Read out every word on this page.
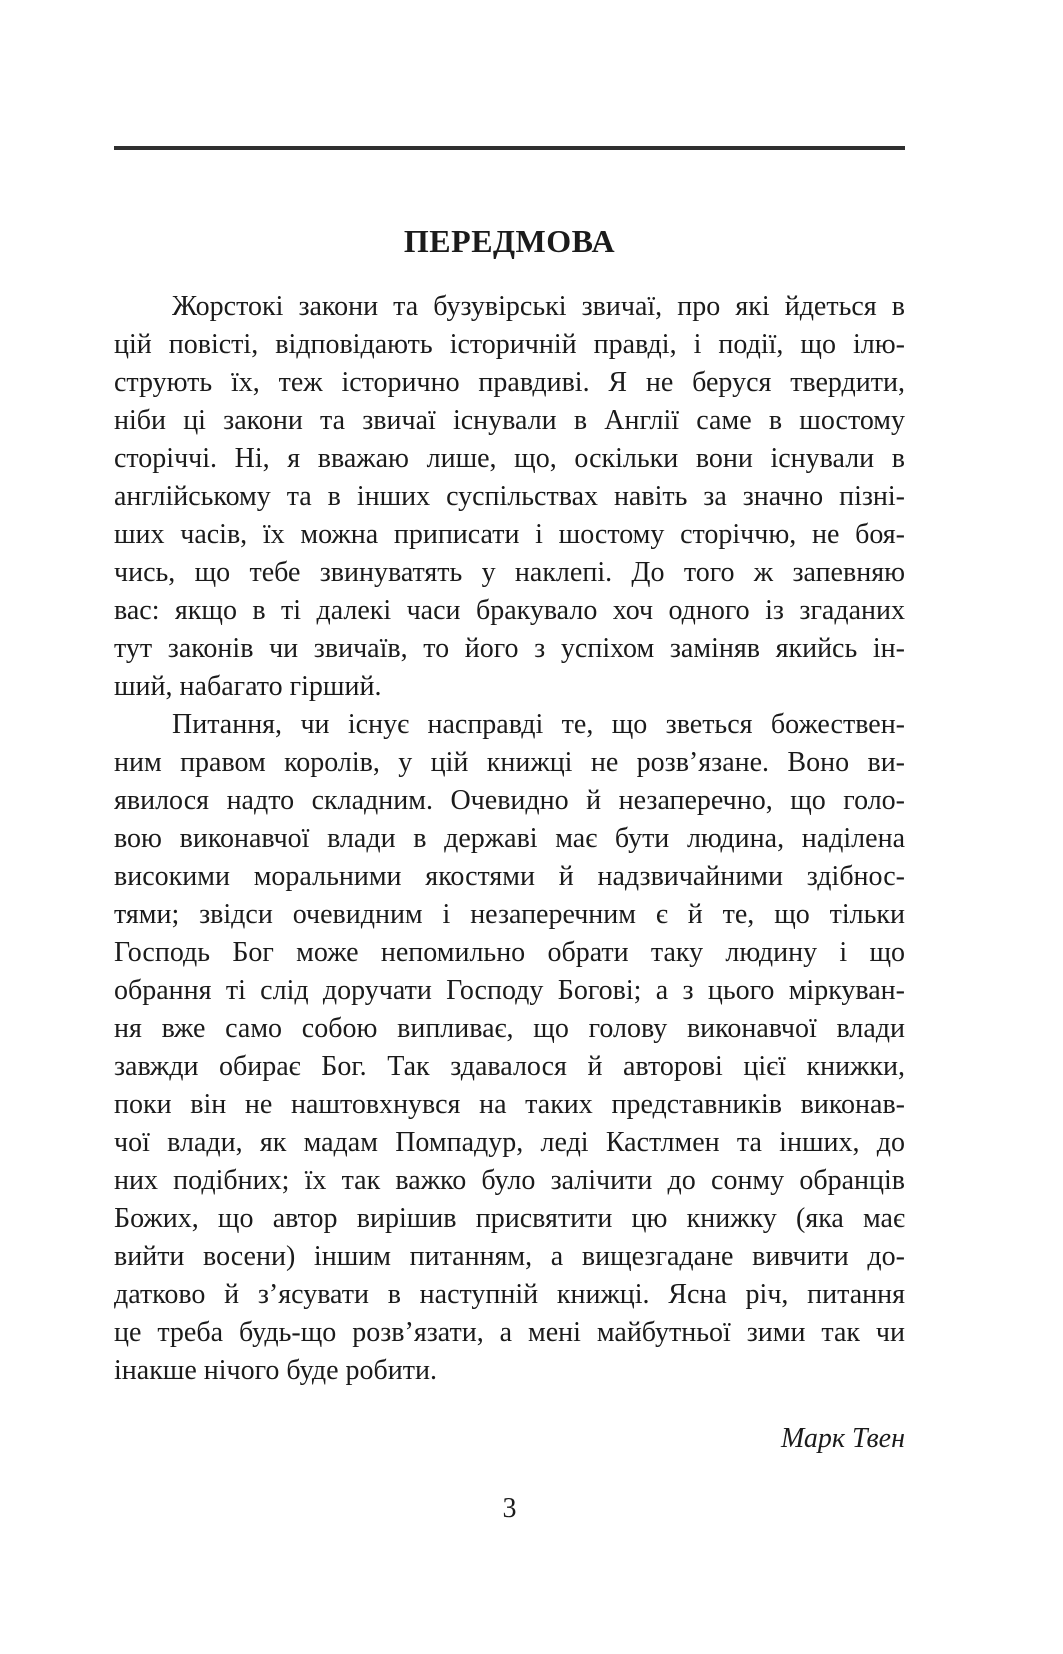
ПЕРЕДМОВА
Жорстокі закони та бузувірські звичаї, про які йдеться в
цій повісті, відповідають історичній правді, і події, що ілю-
струють їх, теж історично правдиві. Я не беруся твердити,
ніби ці закони та звичаї існували в Англії саме в шостому
сторіччі. Ні, я вважаю лише, що, оскільки вони існували в
англійському та в інших суспільствах навіть за значно пізні-
ших часів, їх можна приписати і шостому сторіччю, не боя-
чись, що тебе звинуватять у наклепі. До того ж запевняю
вас: якщо в ті далекі часи бракувало хоч одного із згаданих
тут законів чи звичаїв, то його з успіхом заміняв якийсь ін-
ший, набагато гірший.
Питання, чи існує насправді те, що зветься божествен-
ним правом королів, у цій книжці не розв’язане. Воно ви-
явилося надто складним. Очевидно й незаперечно, що голо-
вою виконавчої влади в державі має бути людина, наділена
високими моральними якостями й надзвичайними здібнос-
тями; звідси очевидним і незаперечним є й те, що тільки
Господь Бог може непомильно обрати таку людину і що
обрання ті слід доручати Господу Богові; а з цього міркуван-
ня вже само собою випливає, що голову виконавчої влади
завжди обирає Бог. Так здавалося й авторові цієї книжки,
поки він не наштовхнувся на таких представників виконав-
чої влади, як мадам Помпадур, леді Кастлмен та інших, до
них подібних; їх так важко було залічити до сонму обранців
Божих, що автор вирішив присвятити цю книжку (яка має
вийти восени) іншим питанням, а вищезгадане вивчити до-
датково й з’ясувати в наступній книжці. Ясна річ, питання
це треба будь-що розв’язати, а мені майбутньої зими так чи
інакше нічого буде робити.
Марк Твен
3
